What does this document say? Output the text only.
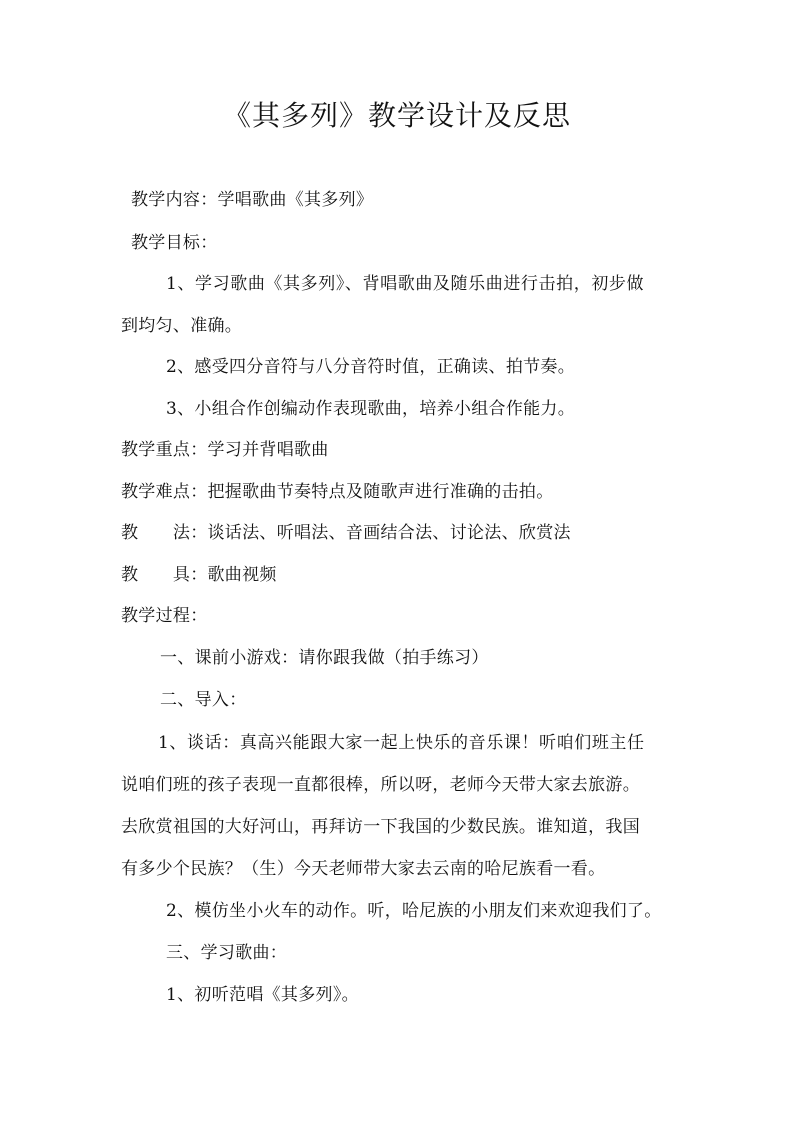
《其多列》教学设计及反思
教学内容：学唱歌曲《其多列》
教学目标：
1、学习歌曲《其多列》、背唱歌曲及随乐曲进行击拍，初步做
到均匀、准确。
2、感受四分音符与八分音符时值，正确读、拍节奏。
3、小组合作创编动作表现歌曲，培养小组合作能力。
教学重点：学习并背唱歌曲
教学难点：把握歌曲节奏特点及随歌声进行准确的击拍。
教　　法：谈话法、听唱法、音画结合法、讨论法、欣赏法
教　　具：歌曲视频
教学过程：
一、课前小游戏：请你跟我做（拍手练习）
二、导入：
1、谈话：真高兴能跟大家一起上快乐的音乐课！听咱们班主任
说咱们班的孩子表现一直都很棒，所以呀，老师今天带大家去旅游。
去欣赏祖国的大好河山，再拜访一下我国的少数民族。谁知道，我国
有多少个民族？（生）今天老师带大家去云南的哈尼族看一看。
2、模仿坐小火车的动作。听，哈尼族的小朋友们来欢迎我们了。
三、学习歌曲：
1、初听范唱《其多列》。
